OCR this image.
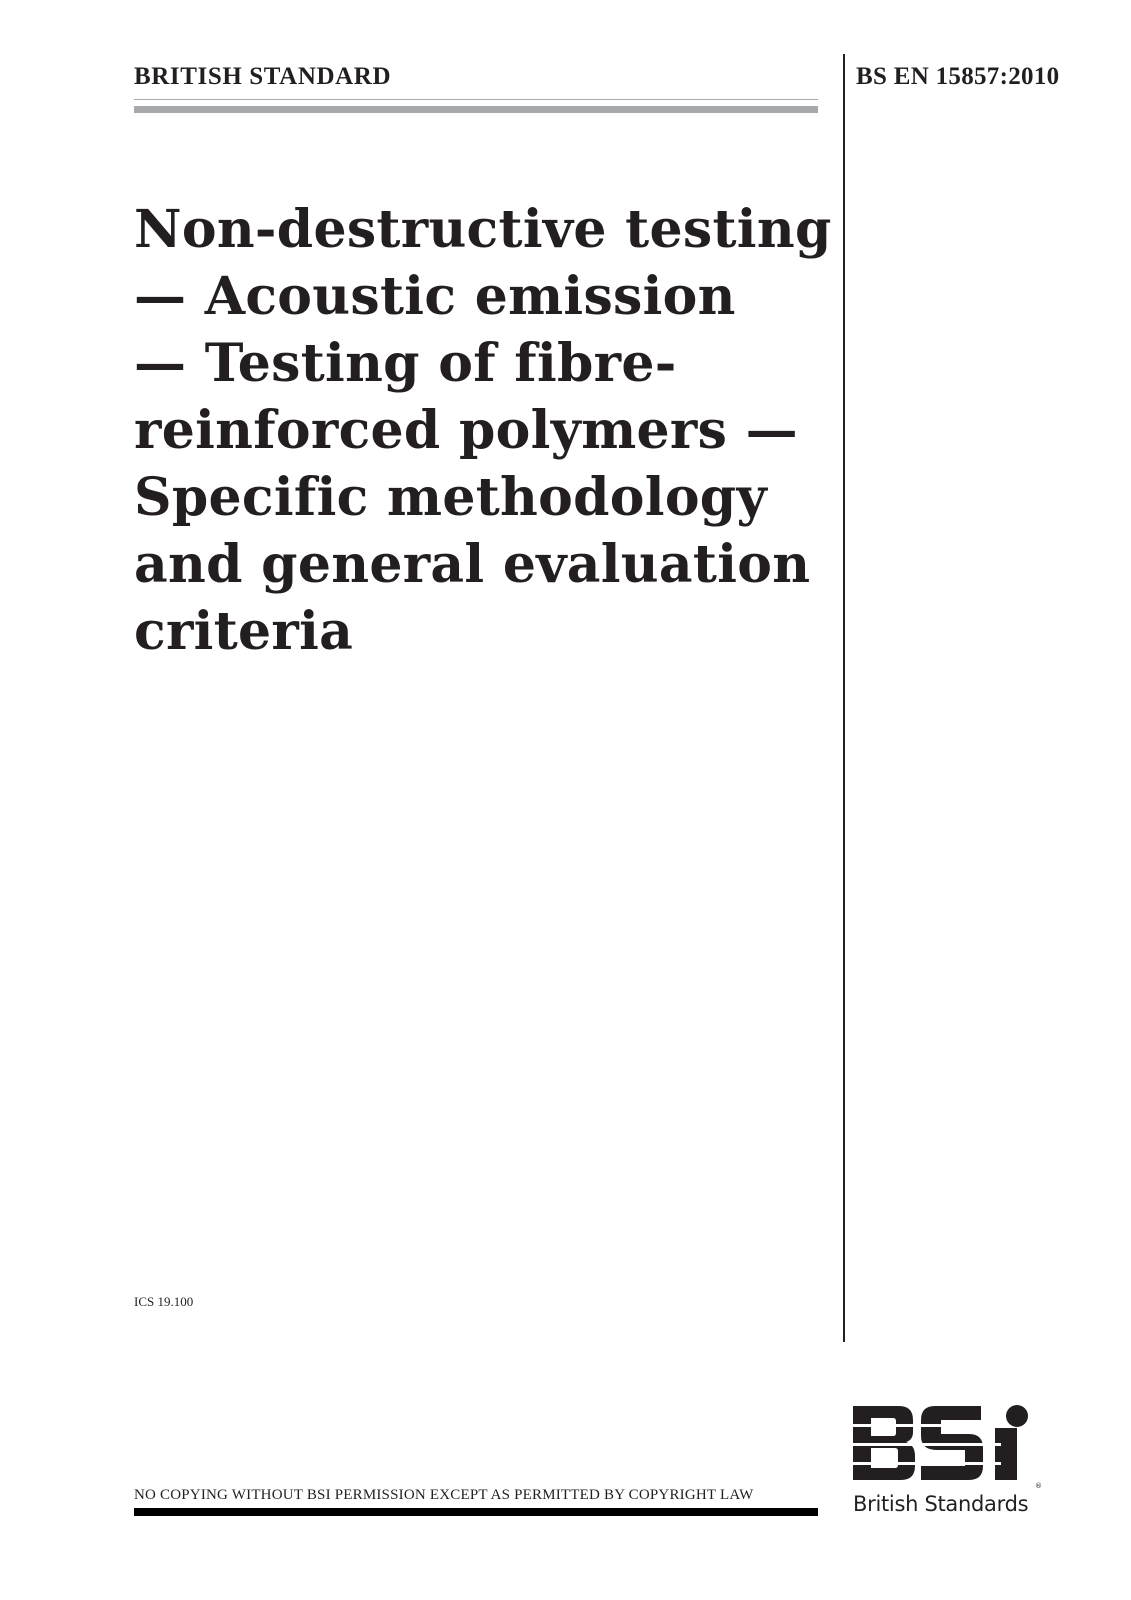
BRITISH STANDARD	BS EN 15857:2010
Non-destructive testing
— Acoustic emission
— Testing of fibre-
reinforced polymers —
Specific methodology
and general evaluation
criteria
ICS 19.100
NO COPYING WITHOUT BSI PERMISSION EXCEPT AS PERMITTED BY COPYRIGHT LAW
®
British Standards
